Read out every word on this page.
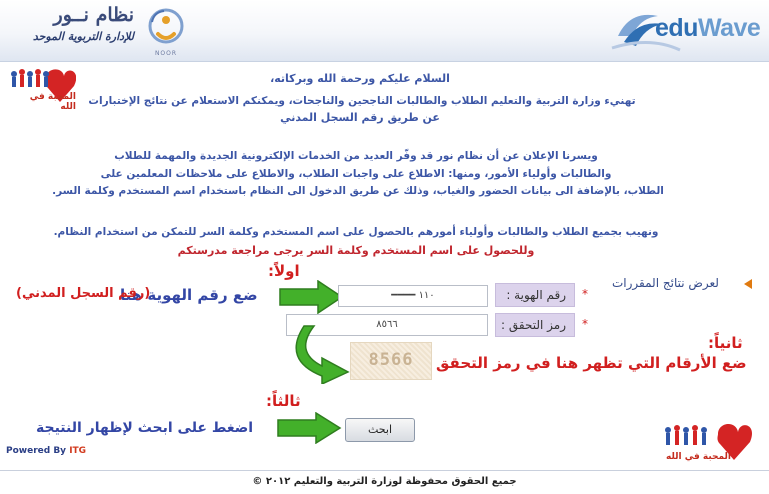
نظام نــور
للإدارة التربوية الموحد
NOOR
eduWave
المحبة في الله
السلام عليكم ورحمة الله وبركاته،
تهنيء وزارة التربية والتعليم الطلاب والطالبات الناجحين والناجحات، ويمكنكم الاستعلام عن نتائج الإختبارات
عن طريق رقم السجل المدني
ويسرنا الإعلان عن أن نظام نور قد وفّر العديد من الخدمات الإلكترونية الجديدة والمهمة للطلاب
والطالبات وأولياء الأمور، ومنها: الاطلاع على واجبات الطلاب، والاطلاع على ملاحظات المعلمين على
الطلاب، بالإضافة الى بيانات الحضور والغياب، وذلك عن طريق الدخول الى النظام باستخدام اسم المستخدم وكلمة السر.
ونهيب بجميع الطلاب والطالبات وأولياء أمورهم بالحصول على اسم المستخدم وكلمة السر للتمكن من استخدام النظام.
وللحصول على اسم المستخدم وكلمة السر يرجى مراجعة مدرستكم
لعرض نتائج المقررات
اولاً:
ضع رقم الهوية هنا
(رقم السجل المدني)	رقم الهوية : *
١١٠ ━━━━
رمز التحقق : *
٨٥٦٦
8566
ثانياً:
ضع الأرقام التي تظهر هنا في رمز التحقق
ثالثاً:
اضغط على ابحث لإظهار النتيجة	ابحث
المحبة في الله
Powered By ITG
جميع الحقوق محفوظة لوزارة التربية والتعليم ٢٠١٢ ©
